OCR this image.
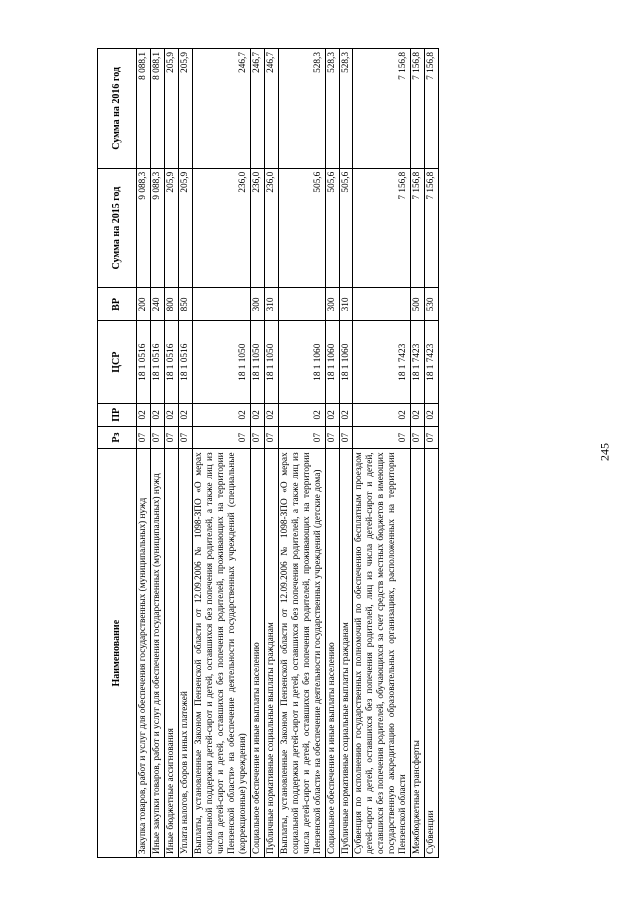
245
Наименование	Рз	ПР	ЦСР	ВР	Сумма на 2015 год	Сумма на 2016 год
Закупка товаров, работ и услуг для обеспечения государственных (муниципальных) нужд	07	02	18 1 0516	200	9 088,3	8 088,1
Иные закупки товаров, работ и услуг для обеспечения государственных (муниципальных) нужд	07	02	18 1 0516	240	9 088,3	8 088,1
Иные бюджетные ассигнования	07	02	18 1 0516	800	205,9	205,9
Уплата налогов, сборов и иных платежей	07	02	18 1 0516	850	205,9	205,9
Выплаты, установленные Законом Пензенской области от 12.09.2006 № 1098-ЗПО «О мерах социальной поддержки детей-сирот и детей, оставшихся без попечения родителей, а также лиц из числа детей-сирот и детей, оставшихся без попечения родителей, проживающих на территории Пензенской области» на обеспечение деятельности государственных учреждений (специальные (коррекционные) учреждения)	07	02	18 1 1050		236,0	246,7
Социальное обеспечение и иные выплаты населению	07	02	18 1 1050	300	236,0	246,7
Публичные нормативные социальные выплаты гражданам	07	02	18 1 1050	310	236,0	246,7
Выплаты, установленные Законом Пензенской области от 12.09.2006 № 1098-ЗПО «О мерах социальной поддержки детей-сирот и детей, оставшихся без попечения родителей, а также лиц из числа детей-сирот и детей, оставшихся без попечения родителей, проживающих на территории Пензенской области» на обеспечение деятельности государственных учреждений (детские дома)	07	02	18 1 1060		505,6	528,3
Социальное обеспечение и иные выплаты населению	07	02	18 1 1060	300	505,6	528,3
Публичные нормативные социальные выплаты гражданам	07	02	18 1 1060	310	505,6	528,3
Субвенция по исполнению государственных полномочий по обеспечению бесплатным проездом детей-сирот и детей, оставшихся без попечения родителей, лиц из числа детей-сирот и детей, оставшихся без попечения родителей, обучающихся за счет средств местных бюджетов в имеющих государственную аккредитацию образовательных организациях, расположенных на территории Пензенской области	07	02	18 1 7423		7 156,8	7 156,8
Межбюджетные трансферты	07	02	18 1 7423	500	7 156,8	7 156,8
Субвенции	07	02	18 1 7423	530	7 156,8	7 156,8
